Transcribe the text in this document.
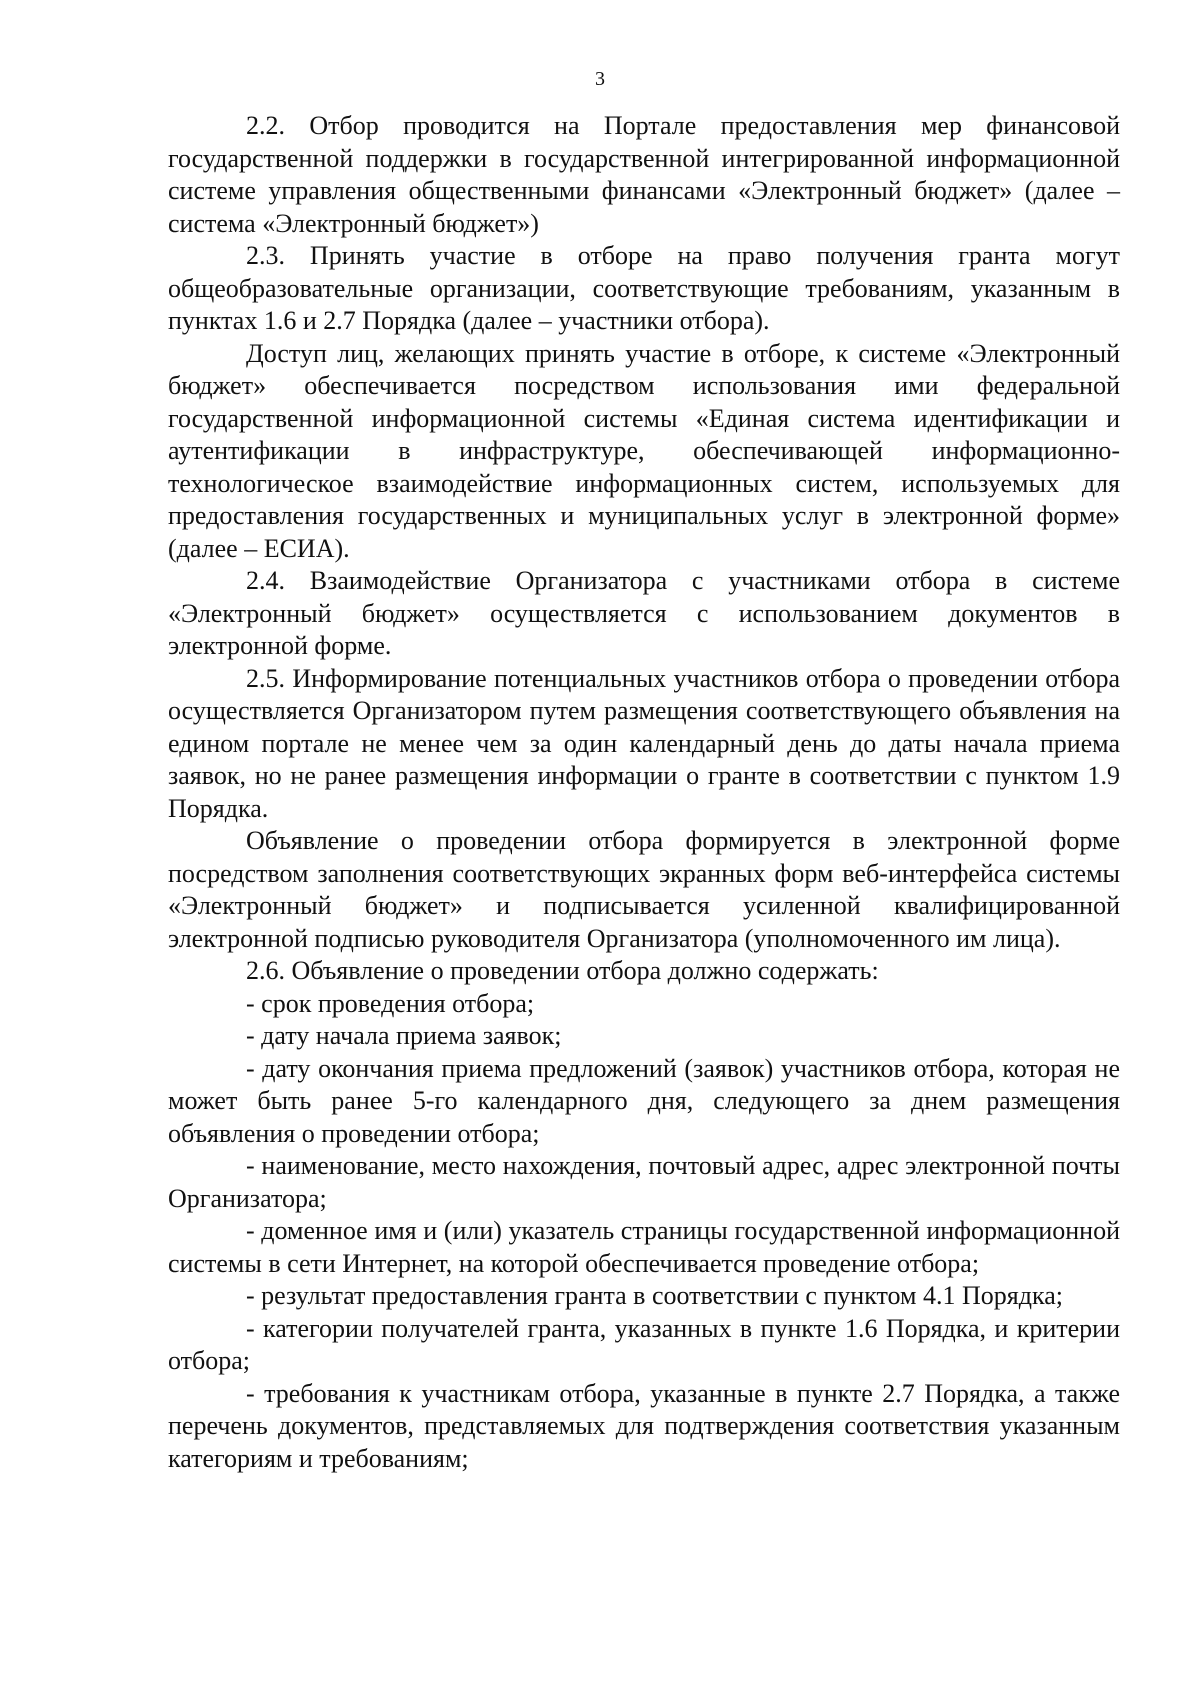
3

2.2. Отбор проводится на Портале предоставления мер финансовой государственной поддержки в государственной интегрированной информационной системе управления общественными финансами «Электронный бюджет» (далее – система «Электронный бюджет»)

2.3. Принять участие в отборе на право получения гранта могут общеобразовательные организации, соответствующие требованиям, указанным в пунктах 1.6 и 2.7 Порядка (далее – участники отбора).

Доступ лиц, желающих принять участие в отборе, к системе «Электронный бюджет» обеспечивается посредством использования ими федеральной государственной информационной системы «Единая система идентификации и аутентификации в инфраструктуре, обеспечивающей информационно-технологическое взаимодействие информационных систем, используемых для предоставления государственных и муниципальных услуг в электронной форме» (далее – ЕСИА).

2.4. Взаимодействие Организатора с участниками отбора в системе «Электронный бюджет» осуществляется с использованием документов в электронной форме.

2.5. Информирование потенциальных участников отбора о проведении отбора осуществляется Организатором путем размещения соответствующего объявления на едином портале не менее чем за один календарный день до даты начала приема заявок, но не ранее размещения информации о гранте в соответствии с пунктом 1.9 Порядка.

Объявление о проведении отбора формируется в электронной форме посредством заполнения соответствующих экранных форм веб-интерфейса системы «Электронный бюджет» и подписывается усиленной квалифицированной электронной подписью руководителя Организатора (уполномоченного им лица).

2.6. Объявление о проведении отбора должно содержать:

- срок проведения отбора;

- дату начала приема заявок;

- дату окончания приема предложений (заявок) участников отбора, которая не может быть ранее 5-го календарного дня, следующего за днем размещения объявления о проведении отбора;

- наименование, место нахождения, почтовый адрес, адрес электронной почты Организатора;

- доменное имя и (или) указатель страницы государственной информационной системы в сети Интернет, на которой обеспечивается проведение отбора;

- результат предоставления гранта в соответствии с пунктом 4.1 Порядка;

- категории получателей гранта, указанных в пункте 1.6 Порядка, и критерии отбора;

- требования к участникам отбора, указанные в пункте 2.7 Порядка, а также перечень документов, представляемых для подтверждения соответствия указанным категориям и требованиям;
